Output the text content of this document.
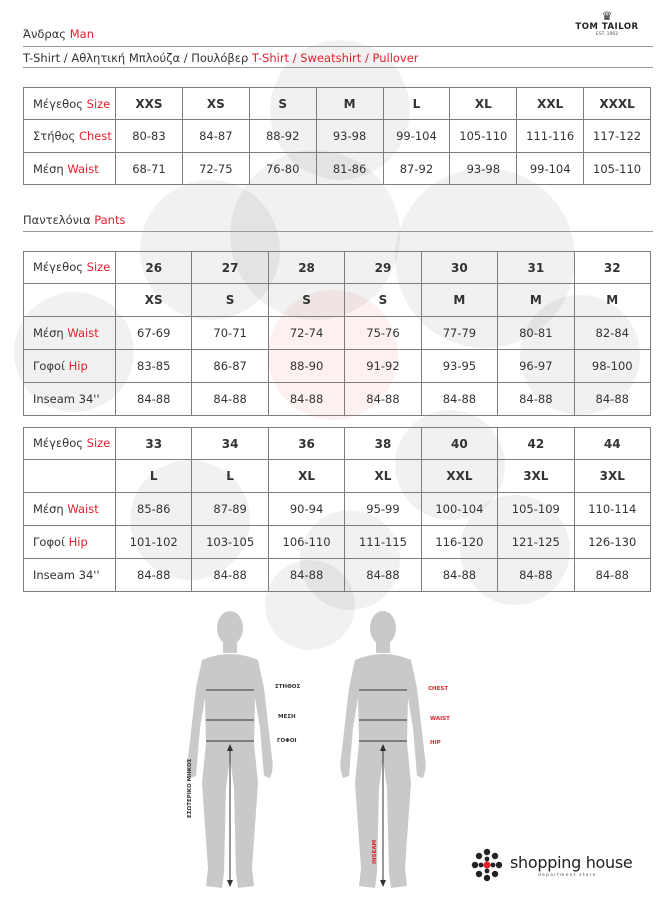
Άνδρας Man
T-Shirt / Αθλητική Μπλούζα / Πουλόβερ T-Shirt / Sweatshirt / Pullover
♛
TOM TAILOR
EST. 1962
Μέγεθος Size	XXS	XS	S	M	L	XL	XXL	XXXL
Στήθος Chest	80-83	84-87	88-92	93-98	99-104	105-110	111-116	117-122
Μέση Waist	68-71	72-75	76-80	81-86	87-92	93-98	99-104	105-110
Παντελόνια Pants
Μέγεθος Size	26	27	28	29	30	31	32
	XS	S	S	S	M	M	M
Μέση Waist	67-69	70-71	72-74	75-76	77-79	80-81	82-84
Γοφοί Hip	83-85	86-87	88-90	91-92	93-95	96-97	98-100
Inseam 34''	84-88	84-88	84-88	84-88	84-88	84-88	84-88
Μέγεθος Size	33	34	36	38	40	42	44
	L	L	XL	XL	XXL	3XL	3XL
Μέση Waist	85-86	87-89	90-94	95-99	100-104	105-109	110-114
Γοφοί Hip	101-102	103-105	106-110	111-115	116-120	121-125	126-130
Inseam 34''	84-88	84-88	84-88	84-88	84-88	84-88	84-88
ΣΤΗΘΟΣ
ΜΕΣΗ
ΓΟΦΟΙ
ΕΣΩΤΕΡΙΚΟ ΜΗΚΟΣ
CHEST
WAIST
HIP
INSEAM	shopping house
department store
